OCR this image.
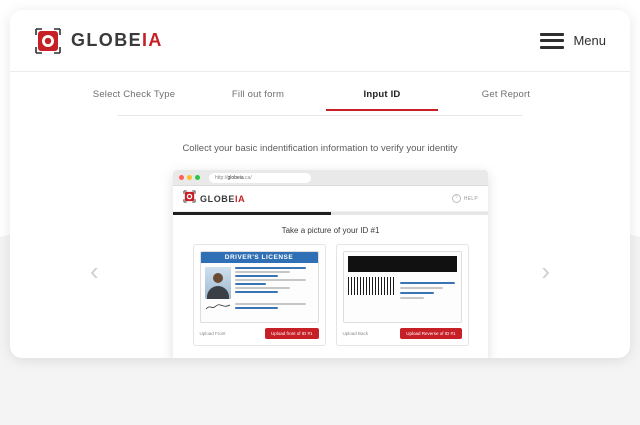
GLOBEIA	Menu
Select Check Type	Fill out form	Input ID	Get Report
Collect your basic indentification information to verify your identity
‹	›
http:// globeia .ca/
GLOBEIA	?	HELP
Take a picture of your ID #1
DRIVER'S LICENSE
Upload Front	Upload front of ID #1	Upload Back	Upload Reverse of ID #1
